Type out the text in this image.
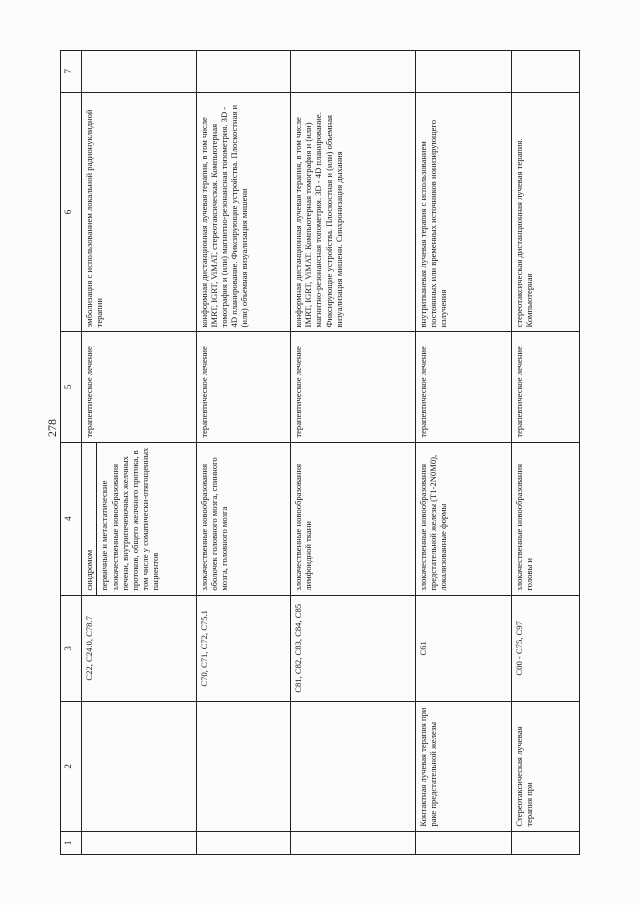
278
1	2	3	4	5	6	7
		C22, C24.0, C78.7	синдромом первичные и метастатические злокачественные новообразования печени, внутрипеченочных желчных протоков, общего желчного протока, в том числе у соматически-отягощенных пациентов	терапевтическое лечение	эмболизация с использованием локальной радионуклидной терапии	
		C70, C71, C72, C75.1	злокачественные новообразования оболочек головного мозга, спинного мозга, головного мозга	терапевтическое лечение	конформная дистанционная лучевая терапия, в том числе IMRT, IGRT, ViMAT, стереотаксическая. Компьютерная томография и (или) магнитно-резонансная топометрия. 3D - 4D планирование. Фиксирующие устройства. Плоскостная и (или) объемная визуализация мишени	
		C81, C82, C83, C84, C85	злокачественные новообразования лимфоидной ткани	терапевтическое лечение	конформная дистанционная лучевая терапия, в том числе IMRT, IGRT, ViMAT. Компьютерная томография и (или) магнитно-резонансная топометрия. 3D - 4D планирование. Фиксирующие устройства. Плоскостная и (или) объемная визуализация мишени. Синхронизация дыхания	
	Контактная лучевая терапия при раке предстательной железы	C61	злокачественные новообразования предстательной железы (T1-2N0M0), локализованные формы	терапевтическое лечение	внутритканевая лучевая терапия с использованием постоянных или временных источников ионизирующего излучения	
	Стереотаксическая лучевая терапия при	C00 - C75, C97	злокачественные новообразования головы и	терапевтическое лечение	стереотаксическая дистанционная лучевая терапия. Компьютерная	
